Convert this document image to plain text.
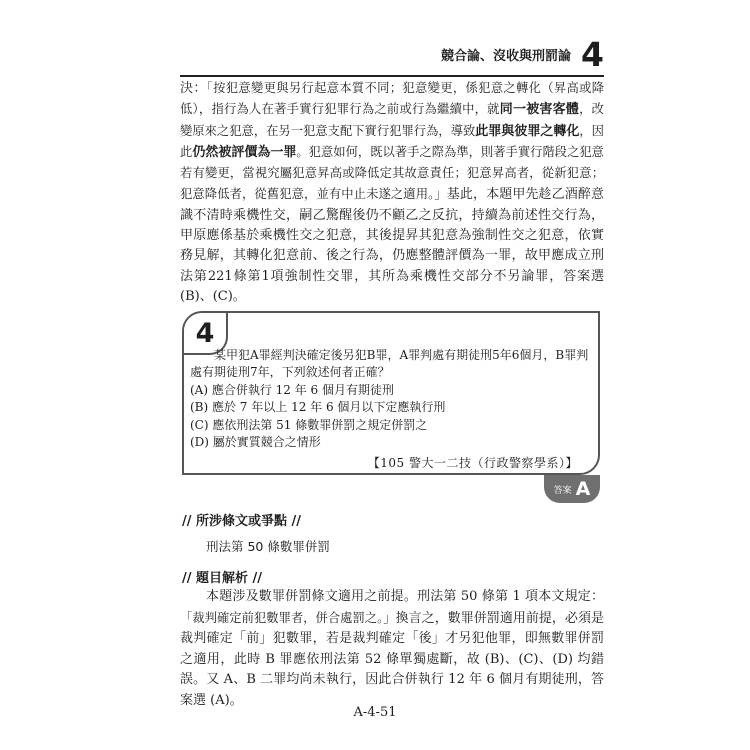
競合論、沒收與刑罰論 4

決：「按犯意變更與另行起意本質不同；犯意變更，係犯意之轉化（昇高或降低），指行為人在著手實行犯罪行為之前或行為繼續中，就同一被害客體，改變原來之犯意，在另一犯意支配下實行犯罪行為，導致此罪與彼罪之轉化，因此仍然被評價為一罪。犯意如何，既以著手之際為準，則著手實行階段之犯意若有變更，當視究屬犯意昇高或降低定其故意責任；犯意昇高者，從新犯意；犯意降低者，從舊犯意，並有中止未遂之適用。」基此，本題甲先趁乙酒醉意識不清時乘機性交，嗣乙驚醒後仍不顧乙之反抗，持續為前述性交行為，甲原應係基於乘機性交之犯意，其後提昇其犯意為強制性交之犯意，依實務見解，其轉化犯意前、後之行為，仍應整體評價為一罪，故甲應成立刑法第221條第1項強制性交罪，其所為乘機性交部分不另論罪，答案選(B)、(C)。

4

某甲犯A罪經判決確定後另犯B罪，A罪判處有期徒刑5年6個月，B罪判處有期徒刑7年，下列敘述何者正確？

(A) 應合併執行 12 年 6 個月有期徒刑

(B) 應於 7 年以上 12 年 6 個月以下定應執行刑

(C) 應依刑法第 51 條數罪併罰之規定併罰之

(D) 屬於實質競合之情形

【105 警大一二技（行政警察學系）】
答案 A
// 所涉條文或爭點 //
刑法第 50 條數罪併罰
// 題目解析 //

本題涉及數罪併罰條文適用之前提。刑法第 50 條第 1 項本文規定：「裁判確定前犯數罪者，併合處罰之。」換言之，數罪併罰適用前提，必須是裁判確定「前」犯數罪，若是裁判確定「後」才另犯他罪，即無數罪併罰之適用，此時 B 罪應依刑法第 52 條單獨處斷，故 (B)、(C)、(D) 均錯誤。又 A、B 二罪均尚未執行，因此合併執行 12 年 6 個月有期徒刑，答案選 (A)。

A-4-51
